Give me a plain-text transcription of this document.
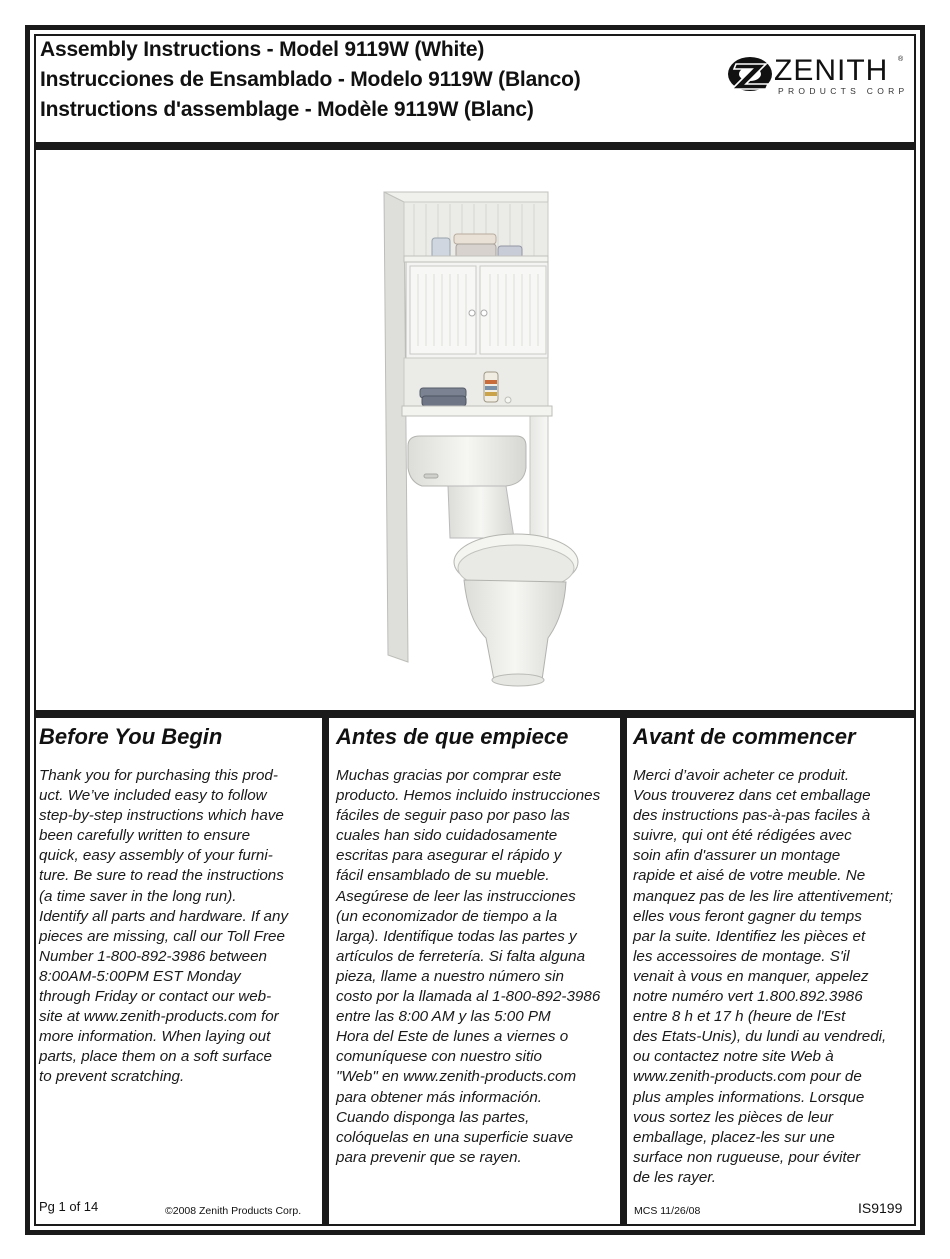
Assembly Instructions - Model 9119W (White)
Instrucciones de Ensamblado - Modelo 9119W (Blanco)
Instructions d'assemblage - Modèle 9119W (Blanc)
ZENITH ®
PRODUCTS CORP
Before You Begin
Thank you for purchasing this prod-
uct. We’ve included easy to follow
step-by-step instructions which have
been carefully written to ensure
quick, easy assembly of your furni-
ture. Be sure to read the instructions
(a time saver in the long run).
Identify all parts and hardware. If any
pieces are missing, call our Toll Free
Number 1-800-892-3986 between
8:00AM-5:00PM EST Monday
through Friday or contact our web-
site at www.zenith-products.com for
more information. When laying out
parts, place them on a soft surface
to prevent scratching.
Antes de que empiece
Muchas gracias por comprar este
producto. Hemos incluido instrucciones
fáciles de seguir paso por paso las
cuales han sido cuidadosamente
escritas para asegurar el rápido y
fácil ensamblado de su mueble.
Asegúrese de leer las instrucciones
(un economizador de tiempo a la
larga). Identifique todas las partes y
artículos de ferretería. Si falta alguna
pieza, llame a nuestro número sin
costo por la llamada al 1-800-892-3986
entre las 8:00 AM y las 5:00 PM
Hora del Este de lunes a viernes o
comuníquese con nuestro sitio
"Web" en www.zenith-products.com
para obtener más información.
Cuando disponga las partes,
colóquelas en una superficie suave
para prevenir que se rayen.
Avant de commencer
Merci d’avoir acheter ce produit.
Vous trouverez dans cet emballage
des instructions pas-à-pas faciles à
suivre, qui ont été rédigées avec
soin afin d'assurer un montage
rapide et aisé de votre meuble. Ne
manquez pas de les lire attentivement;
elles vous feront gagner du temps
par la suite. Identifiez les pièces et
les accessoires de montage. S'il
venait à vous en manquer, appelez
notre numéro vert 1.800.892.3986
entre 8 h et 17 h (heure de l'Est
des Etats-Unis), du lundi au vendredi,
ou contactez notre site Web à
www.zenith-products.com pour de
plus amples informations. Lorsque
vous sortez les pièces de leur
emballage, placez-les sur une
surface non rugueuse, pour éviter
de les rayer.
Pg 1 of 14	©2008 Zenith Products Corp.	MCS 11/26/08	IS9199
